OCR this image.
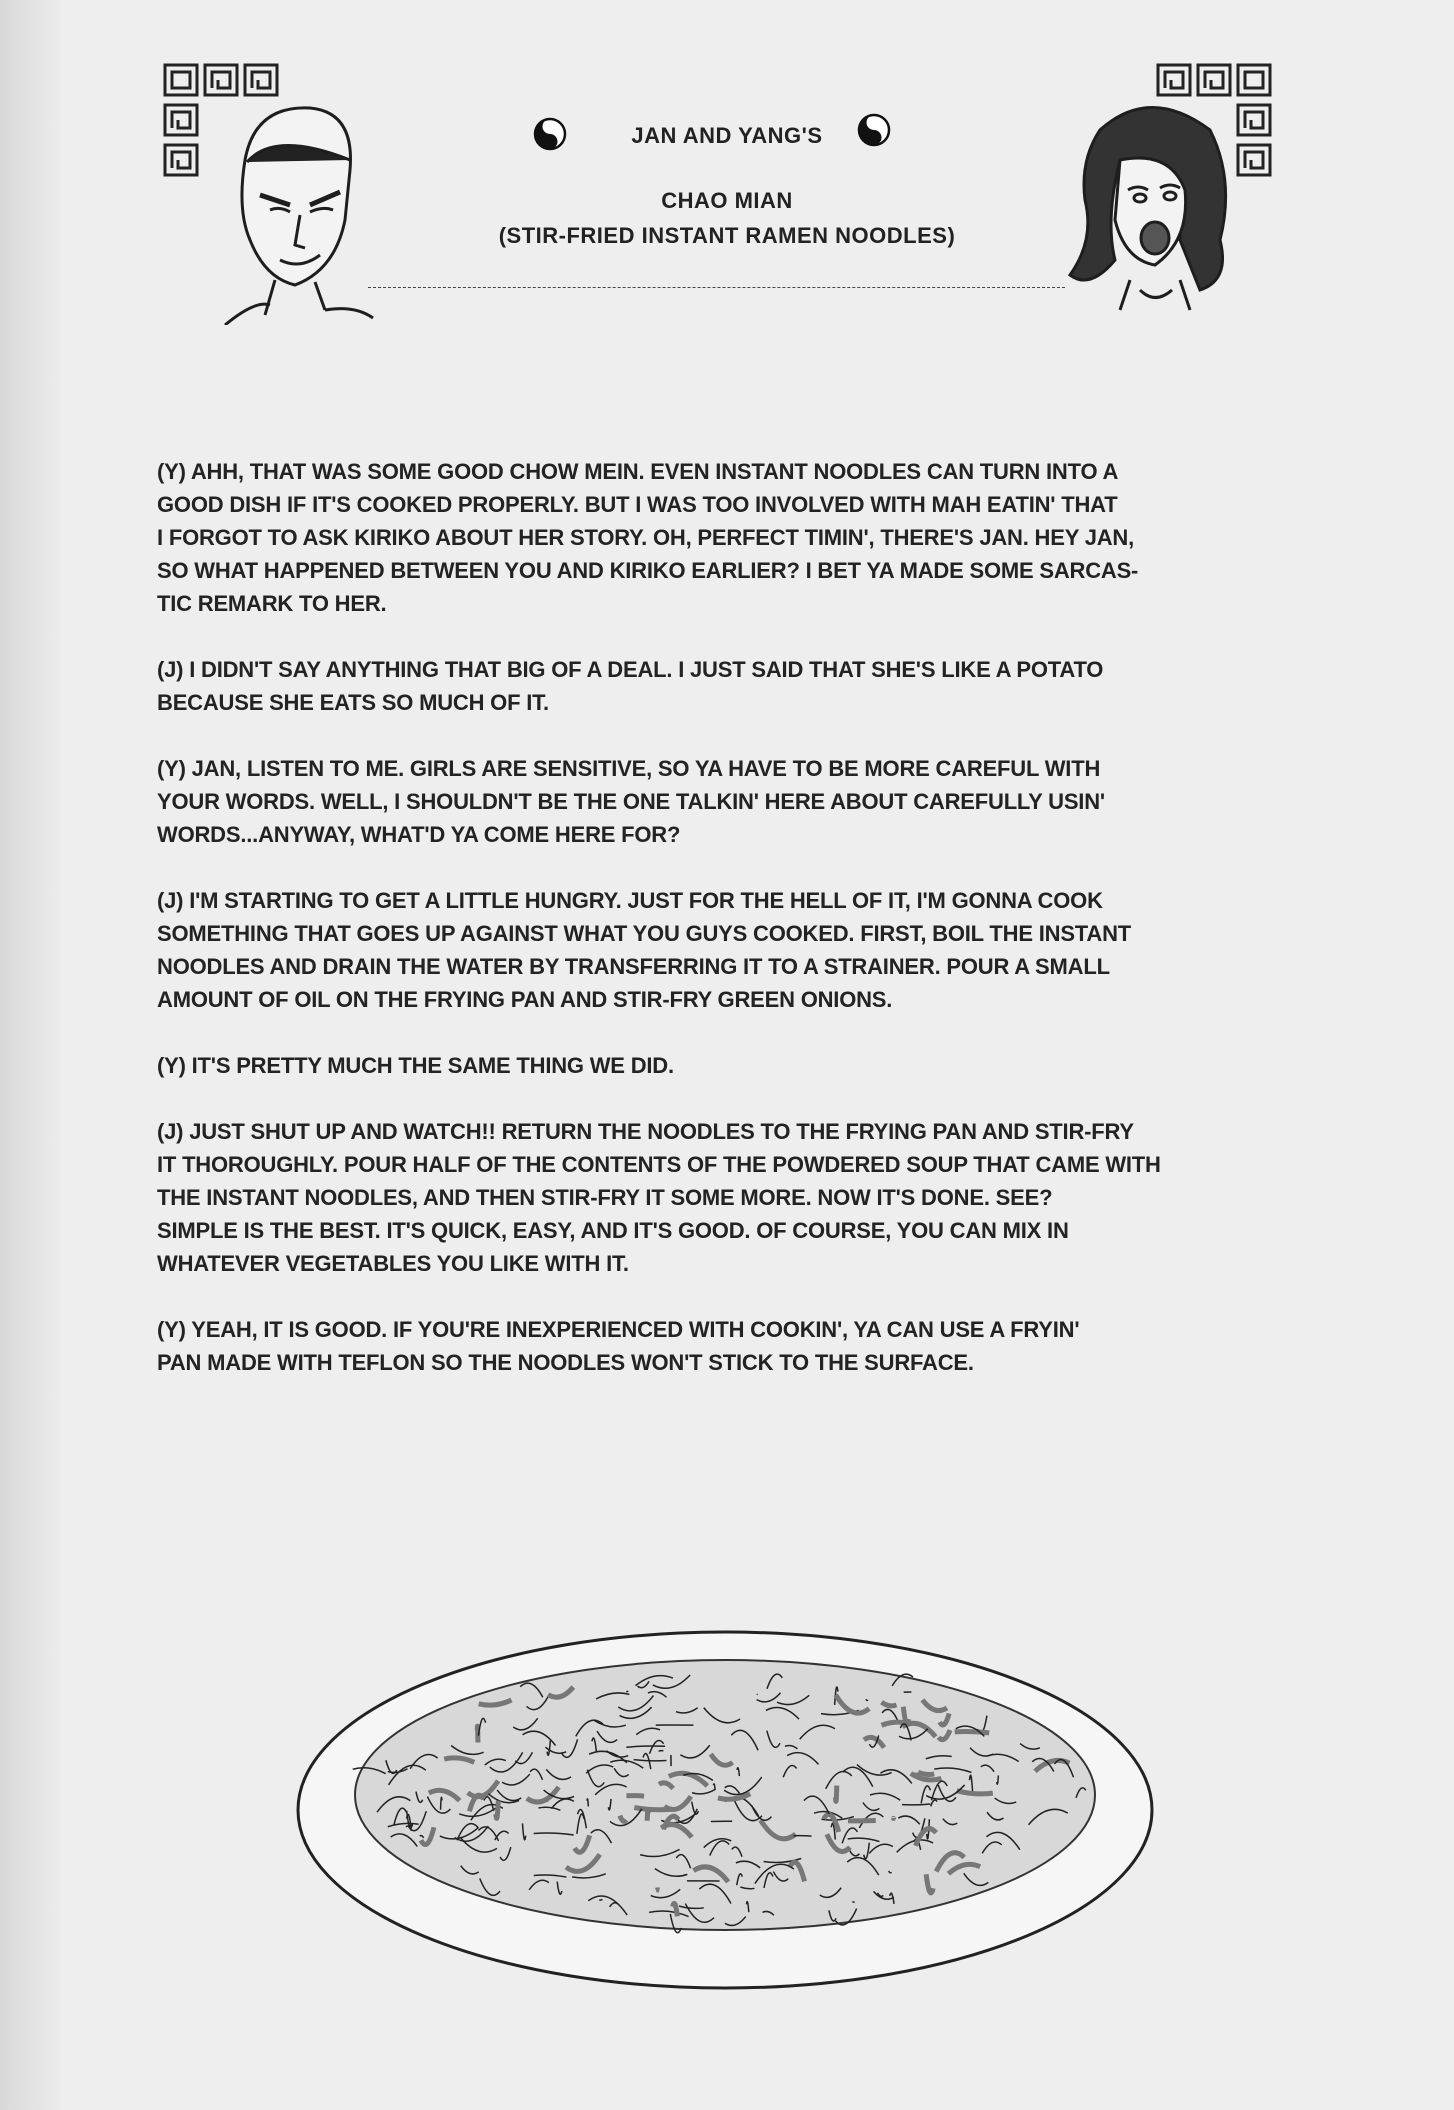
JAN AND YANG'S
CHAO MIAN
(STIR-FRIED INSTANT RAMEN NOODLES)
(Y) AHH, THAT WAS SOME GOOD CHOW MEIN. EVEN INSTANT NOODLES CAN TURN INTO A
GOOD DISH IF IT'S COOKED PROPERLY. BUT I WAS TOO INVOLVED WITH MAH EATIN' THAT
I FORGOT TO ASK KIRIKO ABOUT HER STORY. OH, PERFECT TIMIN', THERE'S JAN. HEY JAN,
SO WHAT HAPPENED BETWEEN YOU AND KIRIKO EARLIER? I BET YA MADE SOME SARCAS-
TIC REMARK TO HER.
(J) I DIDN'T SAY ANYTHING THAT BIG OF A DEAL. I JUST SAID THAT SHE'S LIKE A POTATO
BECAUSE SHE EATS SO MUCH OF IT.
(Y) JAN, LISTEN TO ME. GIRLS ARE SENSITIVE, SO YA HAVE TO BE MORE CAREFUL WITH
YOUR WORDS. WELL, I SHOULDN'T BE THE ONE TALKIN' HERE ABOUT CAREFULLY USIN'
WORDS...ANYWAY, WHAT'D YA COME HERE FOR?
(J) I'M STARTING TO GET A LITTLE HUNGRY. JUST FOR THE HELL OF IT, I'M GONNA COOK
SOMETHING THAT GOES UP AGAINST WHAT YOU GUYS COOKED. FIRST, BOIL THE INSTANT
NOODLES AND DRAIN THE WATER BY TRANSFERRING IT TO A STRAINER. POUR A SMALL
AMOUNT OF OIL ON THE FRYING PAN AND STIR-FRY GREEN ONIONS.
(Y) IT'S PRETTY MUCH THE SAME THING WE DID.
(J) JUST SHUT UP AND WATCH!! RETURN THE NOODLES TO THE FRYING PAN AND STIR-FRY
IT THOROUGHLY. POUR HALF OF THE CONTENTS OF THE POWDERED SOUP THAT CAME WITH
THE INSTANT NOODLES, AND THEN STIR-FRY IT SOME MORE. NOW IT'S DONE. SEE?
SIMPLE IS THE BEST. IT'S QUICK, EASY, AND IT'S GOOD. OF COURSE, YOU CAN MIX IN
WHATEVER VEGETABLES YOU LIKE WITH IT.
(Y) YEAH, IT IS GOOD. IF YOU'RE INEXPERIENCED WITH COOKIN', YA CAN USE A FRYIN'
PAN MADE WITH TEFLON SO THE NOODLES WON'T STICK TO THE SURFACE.
